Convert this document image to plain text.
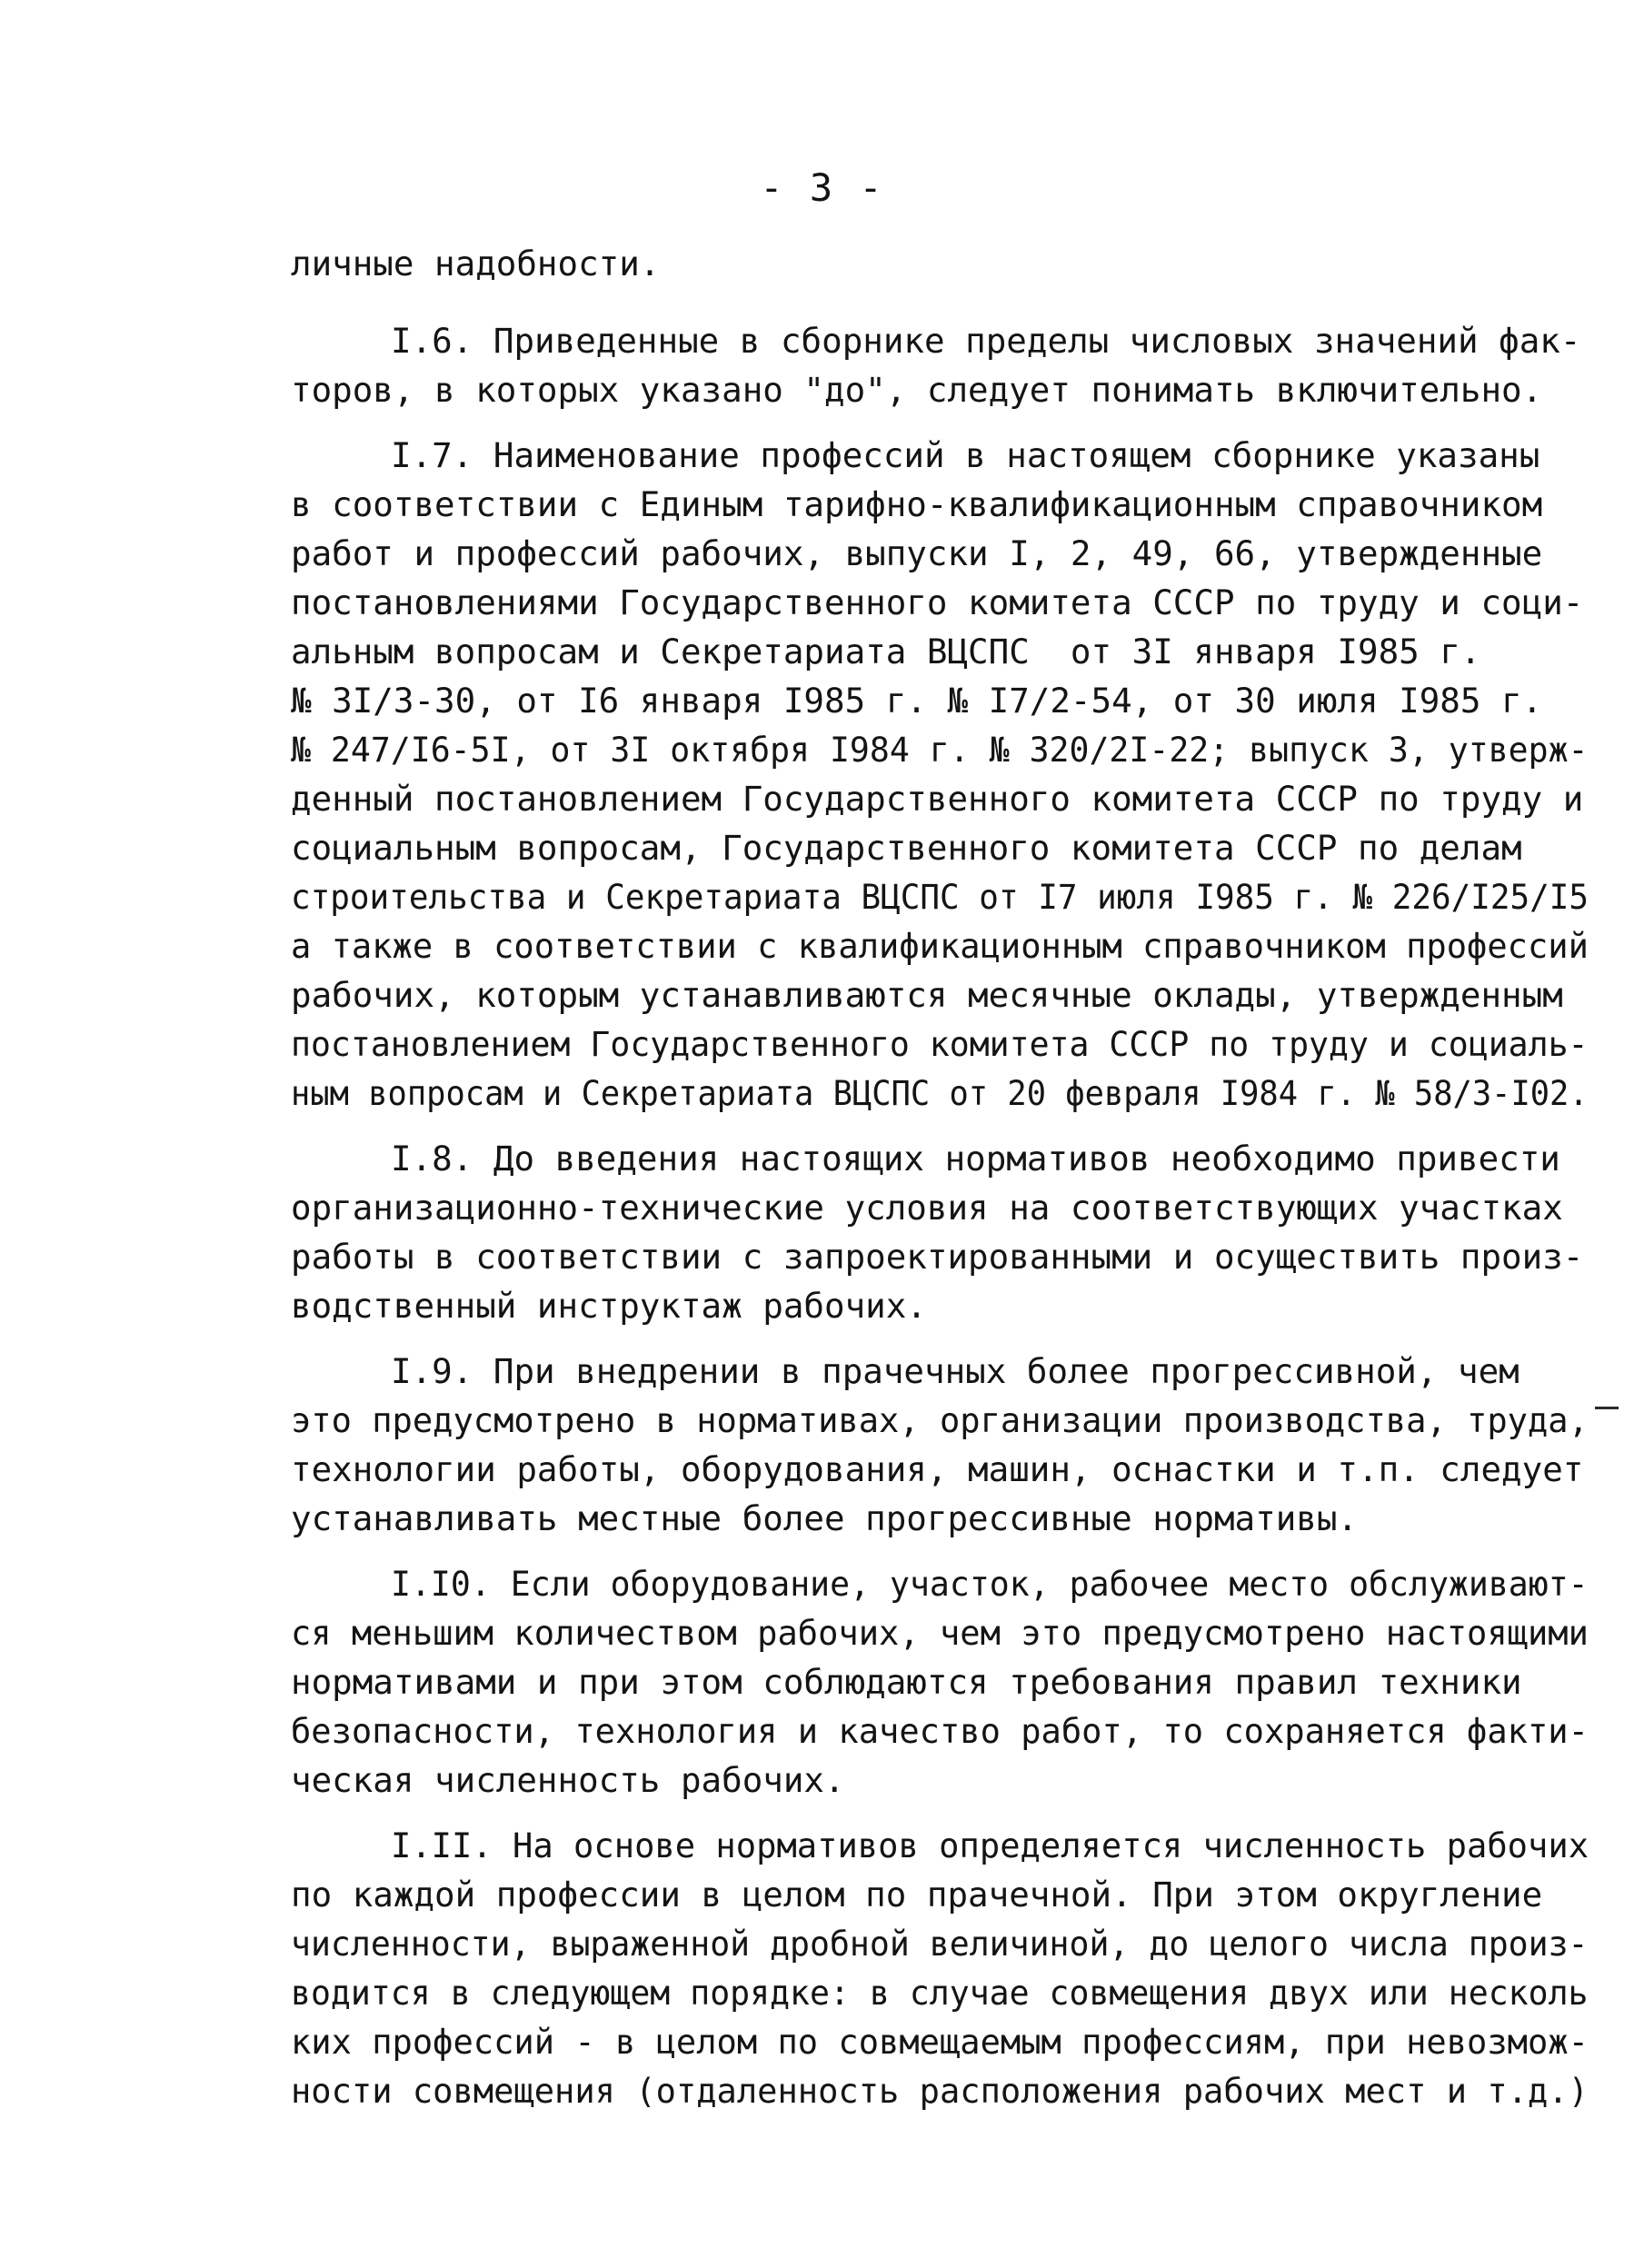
- 3 -
личные надобности.
I.6. Приведенные в сборнике пределы числовых значений фак-
торов, в которых указано "до", следует понимать включительно.
I.7. Наименование профессий в настоящем сборнике указаны
в соответствии с Единым тарифно-квалификационным справочником
работ и профессий рабочих, выпуски I, 2, 49, 66, утвержденные
постановлениями Государственного комитета СССР по труду и соци-
альным вопросам и Секретариата ВЦСПС  от 3I января I985 г.
№ 3I/3-30, от I6 января I985 г. № I7/2-54, от 30 июля I985 г.
№ 247/I6-5I, от 3I октября I984 г. № 320/2I-22; выпуск 3, утверж-
денный постановлением Государственного комитета СССР по труду и
социальным вопросам, Государственного комитета СССР по делам
строительства и Секретариата ВЦСПС от I7 июля I985 г. № 226/I25/I5
а также в соответствии с квалификационным справочником профессий
рабочих, которым устанавливаются месячные оклады, утвержденным
постановлением Государственного комитета СССР по труду и социаль-
ным вопросам и Секретариата ВЦСПС от 20 февраля I984 г. № 58/3-I02.
I.8. До введения настоящих нормативов необходимо привести
организационно-технические условия на соответствующих участках
работы в соответствии с запроектированными и осуществить произ-
водственный инструктаж рабочих.
I.9. При внедрении в прачечных более прогрессивной, чем
это предусмотрено в нормативах, организации производства, труда,
технологии работы, оборудования, машин, оснастки и т.п. следует
устанавливать местные более прогрессивные нормативы.
I.I0. Если оборудование, участок, рабочее место обслуживают-
ся меньшим количеством рабочих, чем это предусмотрено настоящими
нормативами и при этом соблюдаются требования правил техники
безопасности, технология и качество работ, то сохраняется факти-
ческая численность рабочих.
I.II. На основе нормативов определяется численность рабочих
по каждой профессии в целом по прачечной. При этом округление
численности, выраженной дробной величиной, до целого числа произ-
водится в следующем порядке: в случае совмещения двух или несколь
ких профессий - в целом по совмещаемым профессиям, при невозмож-
ности совмещения (отдаленность расположения рабочих мест и т.д.)
